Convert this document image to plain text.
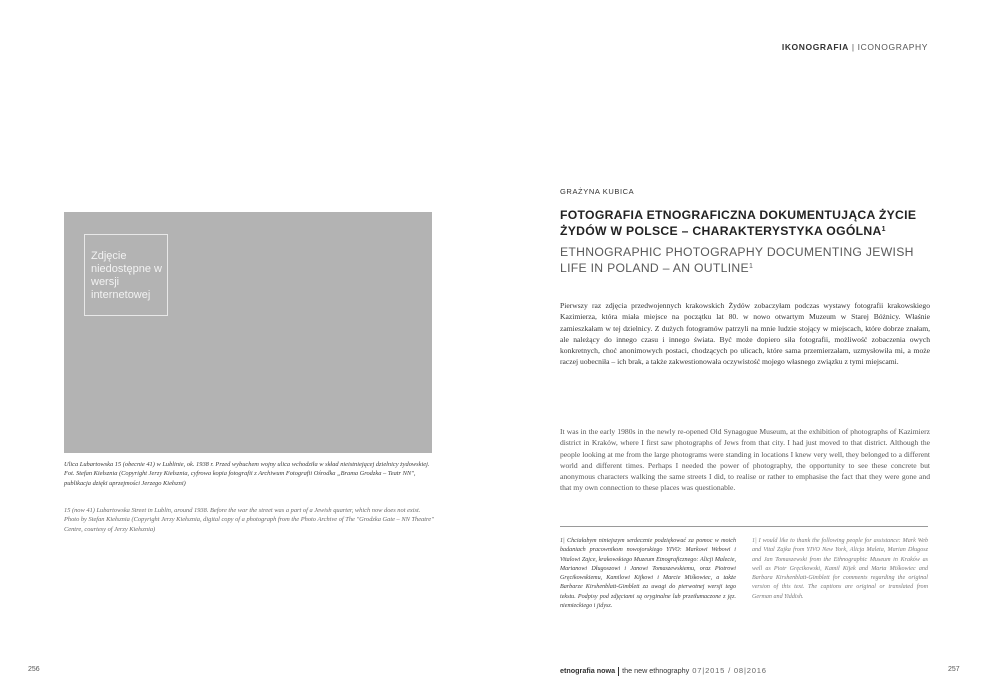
IKONOGRAFIA | ICONOGRAPHY
Zdjęcie niedostępne w wersji internetowej
Ulica Lubartowska 15 (obecnie 41) w Lublinie, ok. 1938 r. Przed wybuchem wojny ulica wchodziła w skład nieistniejącej dzielnicy żydowskiej. Fot. Stefan Kiełsznia (Copyright Jerzy Kiełsznia, cyfrowa kopia fotografii z Archiwum Fotografii Ośrodka „Brama Grodzka – Teatr NN", publikacja dzięki uprzejmości Jerzego Kiełszni)
15 (now 41) Lubartowska Street in Lublin, around 1938. Before the war the street was a part of a Jewish quarter, which now does not exist. Photo by Stefan Kiełsznia (Copyright Jerzy Kiełsznia, digital copy of a photograph from the Photo Archive of The "Grodzka Gate – NN Theatre" Centre, courtesy of Jerzy Kiełsznia)
GRAŻYNA KUBICA
FOTOGRAFIA ETNOGRAFICZNA DOKUMENTUJĄCA ŻYCIE ŻYDÓW W POLSCE – CHARAKTERYSTYKA OGÓLNA$^1$
ETHNOGRAPHIC PHOTOGRAPHY DOCUMENTING JEWISH LIFE IN POLAND – AN OUTLINE$^1$
Pierwszy raz zdjęcia przedwojennych krakowskich Żydów zobaczyłam podczas wystawy fotografii krakowskiego Kazimierza, która miała miejsce na początku lat 80. w nowo otwartym Muzeum w Starej Bóżnicy. Właśnie zamieszkałam w tej dzielnicy. Z dużych fotogramów patrzyli na mnie ludzie stojący w miejscach, które dobrze znałam, ale należący do innego czasu i innego świata. Być może dopiero siła fotografii, możliwość zobaczenia owych konkretnych, choć anonimowych postaci, chodzących po ulicach, które sama przemierzałam, uzmysłowiła mi, a może raczej uobecniła – ich brak, a także zakwestionowała oczywistość mojego własnego związku z tymi miejscami.
It was in the early 1980s in the newly re-opened Old Synagogue Museum, at the exhibition of photographs of Kazimierz district in Kraków, where I first saw photographs of Jews from that city. I had just moved to that district. Although the people looking at me from the large photograms were standing in locations I knew very well, they belonged to a different world and different times. Perhaps I needed the power of photography, the opportunity to see these concrete but anonymous characters walking the same streets I did, to realise or rather to emphasise the fact that they were gone and that my own connection to these places was questionable.
1| Chciałabym niniejszym serdecznie podziękować za pomoc w moich badaniach pracownikom nowojorskiego YIVO: Markowi Webowi i Vitalowi Zajce, krakowskiego Muzeum Etnograficznego: Alicji Malecie, Marianowi Długoszowi i Janowi Tomaszewskiemu, oraz Piotrowi Gręcikowskiemu, Kamilowi Kijkowi i Marcie Miśkowiec, a także Barbarze Kirshenblatt-Gimblett za uwagi do pierwotnej wersji tego tekstu. Podpisy pod zdjęciami są oryginalne lub przetłumaczone z jęz. niemieckiego i jidysz.
1| I would like to thank the following people for assistance: Mark Web and Vital Zajka from YIVO New York, Alicja Maleta, Marian Długosz and Jan Tomaszewski from the Ethnographic Museum in Kraków as well as Piotr Gręcikowski, Kamil Kijek and Marta Miśkowiec and Barbara Kirshenblatt-Gimblett for comments regarding the original version of this text. The captions are original or translated from German and Yiddish.
256	etnografia nowa the new ethnography 07|2015 / 08|2016	257
